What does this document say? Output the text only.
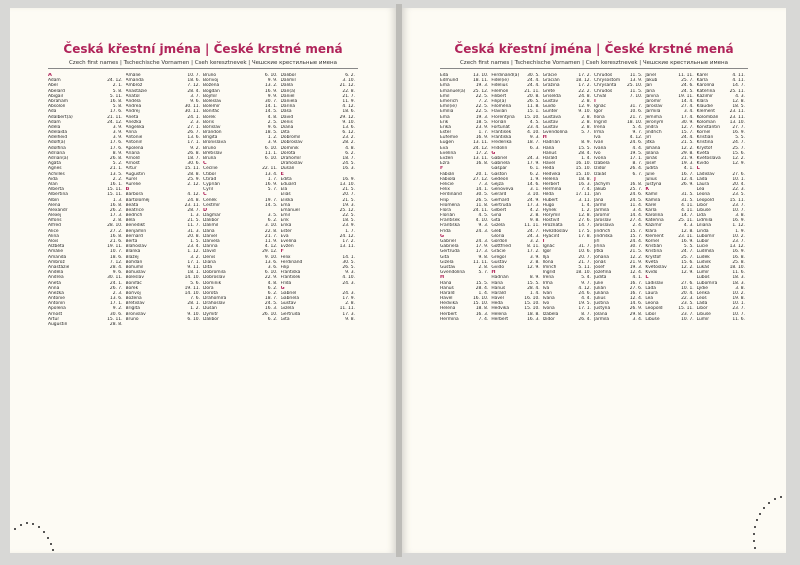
Česká křestní jména | České krstné mená
Czech first names | Tschechische Vornamen | Cseh keresztnevek | Чешские крестильные имена
A
Adam	24. 12.
Ábel	2. 1.
Abelard	5. 8.
Abigail	5. 11.
Abraham	16. 8.
Absolon	5. 8.
Ada	17. 6.
Adalbert(a)	21. 11.
Adam	24. 12.
Adéla	3. 9.
Adelaida	3. 9.
Adelheid	3. 9.
Adolf(a)	17. 6.
Adolfína	17. 6.
Adriana	8. 9.
Adrian(a)	26. 8.
Agáta	5. 2.
Agnes	21. 1.
Achilles	13. 5.
Aida	2. 2.
Alan	16. 1.
Alberta	15. 11.
Albertina	15. 11.
Albín	1. 3.
Alena	16. 8.
Alexandr	26. 2.
Alexej	17. 3.
Alfons	2. 8.
Alfred	28. 10.
Alice	27. 2.
Alina	16. 8.
Alois	21. 6.
Alžběta	19. 11.
Amálie	10. 7.
Amanda	18. 6.
Ambrož	7. 12.
Anastázie	28. 4.
Anděla	9. 6.
Andrea	30. 11.
Aneta	24. 1.
Anna	26. 7.
Anežka	2. 3.
Antonie	13. 6.
Antonín	17. 1.
Apolena	9. 2.
Arnošt	30. 6.
Artur	15. 11.
Augustin	28. 8.
Amálie	10. 7.
Amanda	18. 6.
Ambrož	7. 12.
Anastázie	28. 4.
Anatol	3. 7.
Anděla	9. 6.
Andrea	30. 11.
Andrej	30. 11.
Aneta	24. 1.
Anežka	2. 3.
Angelika	27. 1.
Anna	26. 7.
Antonie	13. 6.
Antonín	17. 1.
Apolena	9. 2.
Ariana	26. 8.
Arnold	18. 7.
Arnošt	30. 6.
Artur	15. 11.
Augustin	28. 8.
Aurel	25. 9.
Aurelie	2. 12.
B
Barbora	4. 12.
Bartoloměj	24. 8.
Beáta	23. 11.
Beatrice	28. 7.
Bedřich	1. 3.
Běla	21. 5.
Benedikt	11. 7.
Benjamín	31. 3.
Bernard	20. 8.
Berta	1. 5.
Blahoslav	23. 4.
Blanka	1. 12.
Blažej	3. 2.
Bohdan	17. 1.
Bohumil	9. 11.
Bohuslav	18. 1.
Boleslav	14. 10.
Bonifác	5. 6.
Bořek	19. 11.
Bořivoj	14. 10.
Božena	7. 6.
Břetislav	28. 1.
Brigita	1. 2.
Bronislav	9. 10.
Bruno	6. 10.
Bruno	6. 10.
Bořivoj	9. 9.
Božena	13. 2.
Bogdan	16. 9.
Bojmír	9. 9.
Boleslav	30. 7.
Bolemír	14. 1.
Bonifác	14. 5.
Borek	4. 8.
Boris	2. 5.
Bořislav	9. 6.
Brandon	18. 5.
Brigita	1. 2.
Bronislava	3. 9.
Bruno	6. 10.
Břetislav	11. 1.
Bruna	6. 10.
C
Cecílie	22. 11.
Ctibor	13. 4.
Ctirad	1. 7.
Cyprián	16. 9.
Cyril	5. 7.
Č
Čeněk	19. 7.
Čestmír	14. 5.
D
Dagmar	3. 5.
Dalibor	6. 2.
Dalimil	3. 10.
Dana	22. 8.
Daniel	21. 7.
Daniela	11. 9.
Darina	4. 12.
David	29. 12.
Denis	9. 10.
Diana	13. 6.
Dita	3. 6.
Dobromila	6. 10.
Dobroslav	22. 9.
Dominik	4. 8.
Dora	6. 2.
Dorota	6. 2.
Drahomíra	18. 7.
Drahoslav	24. 5.
Dušan	16. 3.
Dymitr	26. 10.
Dalibor	6. 2.
Dalibor	6. 2.
Dalimil	3. 10.
Dalila	21. 12.
Dan(a)	22. 8.
Daniel	21. 7.
Daniela	11. 9.
Darina	4. 12.
Dáša	18. 6.
David	29. 12.
Denis	9. 10.
Diana	13. 6.
Dita	6. 12.
Dobromil	23. 2.
Dobroslav	28. 2.
Dominik	4. 8.
Dorota	6. 2.
Drahomír	18. 7.
Drahoslav	24. 5.
Dušan	16. 3.
E
Edita	16. 9.
Eduard	13. 10.
Ela	21. 5.
Eliáš	20. 7.
Eliška	21. 5.
Ema	19. 3.
Emanuel	25. 12.
Emil	22. 5.
Erik	18. 5.
Erika	23. 9.
Ester	1. 7.
Eva	24. 12.
Evelína	17. 2.
Evžen	13. 11.
F
Felix	14. 1.
Ferdinand	30. 5.
Filip	26. 5.
Františka	9. 3.
František	4. 10.
Frída	24. 3.
G
Gabriel	24. 3.
Gabriela	17. 9.
Gustav	2. 8.
Gizela	11. 11.
Gertruda	17. 3.
Gita	9. 8.
Česká křestní jména | České krstné mená
Czech first names | Tschechische Vornamen | Cseh keresztnevek | Чешские крестильные имена
Eda	13. 10.
Edmund	18. 11.
Ema	19. 3.
Emanuel(a) 25. 12.
Emil	22. 5.
Emerich	7. 2.
Emil(ie)	22. 5.
Emília	22. 5.
Ema	19. 3.
Erik	18. 5.
Erika	23. 9.
Ester	1. 7.
Eufemie	16. 9.
Eugen	13. 11.
Eva	24. 12.
Evelína	17. 2.
Evžen	13. 11.
Ezra	16. 8.
F
Fabián	20. 1.
Fabiola	27. 12.
Felicie	7. 3.
Felix	14. 1.
Ferdinand	30. 5.
Filip	26. 5.
Filoména	11. 8.
Flora	24. 11.
Florián	4. 5.
František	4. 10.
Františka	9. 3.
Frída	24. 3.
G
Gabriel	24. 3.
Gabriela	17. 9.
Gertruda	17. 3.
Gita	9. 8.
Gizela	11. 11.
Gustav	2. 8.
Gvendolína	5. 7.
H
Hana	15. 5.
Hanuš	28. 4.
Harald	1. 4.
Havel	16. 10.
Hedvika	15. 10.
Helena	18. 8.
Herbert	16. 3.
Hermína	7. 4.
Ferdinand(a) 30. 5.
Fidel(ie)	24. 4.
Fidelius	24. 4.
Filemon	21. 11.
Filibert	20. 8.
Filip(a)	26. 5.
Filoména	11. 8.
Flavián	15. 1.
Florentýna 15. 10.
Florián	4. 5.
Fortunát	23. 4.
František	4. 10.
Františka	9. 3.
Frederika	18. 7.
Fridolín	6. 3.
G
Gabriel	24. 3.
Gabriela	17. 9.
Gašpar	6. 1.
Gaston	6. 2.
Gedeon	1. 9.
Gejza	14. 6.
Genoveva	3. 1.
Gerard	3. 10.
Gerhard	24. 9.
Gertruda	17. 3.
Gilbert	4. 2.
Gina	2. 8.
Gita	9. 8.
Gizela	11. 11.
Gleb	24. 7.
Gloria	24. 3.
Gordon	3. 2.
Gottfried	8. 11.
Grácie	17. 2.
Gregor	3. 9.
Gustav	2. 8.
Gvido	12. 9.
H
Hadrián	8. 9.
Hana	15. 5.
Hanuš	28. 4.
Harald	1. 4.
Havel	16. 10.
Heda	15. 10.
Hedvika	15. 10.
Helena	18. 8.
Herbert	16. 3.
Grácie	17. 2.
Gracián	18. 12.
Gražina	17. 2.
Grete	22. 2.
Griselda	24. 8.
Gustav	2. 8.
Guido	12. 9.
Gunter	9. 10.
Gustava	2. 8.
Gustav	2. 8.
Gustav	2. 8.
Gvendolína	5. 7.
H
Hadrián	8. 9.
Hana	15. 5.
Hanuš	28. 4.
Harald	1. 4.
Havel	16. 10.
Heda	15. 10.
Hedvika	15. 10.
Helena	18. 8.
Herbert	16. 3.
Hermína	7. 4.
Hilda	17. 11.
Hubert	3. 11.
Hugo	1. 4.
Hynek	1. 2.
Horymír	12. 8.
Hostivít	27. 6.
Hroznata	14. 7.
Hvězdoslav 17. 5.
Hyacint	17. 8.
I
Ignác	31. 7.
Igor	10. 6.
Ilja	20. 7.
Ilona	21. 7.
Imrich	5. 11.
Ingrid	18. 10.
Irena	5. 4.
Irma	9. 7.
Iva	4. 12.
Ivan	24. 6.
Ivana	4. 4.
Ivo	19. 5.
Ivona	17. 1.
Izabela	8. 7.
Izidor	26. 4.
Chrudoš	11. 5.
Chrysostom 13. 9.
Chrysanta 25. 10.
Chrudoš	11. 5.
Chvál	7. 10.
I
Ignác	31. 7.
Igor	10. 6.
Ilona	21. 7.
Ingrid	18. 10.
Irena	5. 4.
Irma	9. 7.
Iva	4. 12.
Ivan	24. 6.
Ivana	4. 4.
Ivo	19. 5.
Ivona	17. 1.
Izabela	8. 7.
Izidor	26. 4.
Izaiáš	6. 7.
J
Jáchym	16. 8.
Jakub	25. 7.
Jan	24. 6.
Jana	24. 5.
Jarmil	11. 4.
Jarmila	3. 4.
Jaromír	14. 4.
Jaroslav	27. 4.
Jaroslava	2. 4.
Jindřich	15. 7.
Jindřiška	15. 7.
Jiří	24. 4.
Jiřina	30. 7.
Jitka	21. 5.
Johana	12. 2.
Jonáš	21. 9.
Josef	19. 3.
Jozefína	12. 4.
Judita	4. 1.
Julie	16. 7.
Julián	27. 6.
Juliána	16. 7.
Julius	12. 4.
Justina	14. 6.
Justýna	26. 9.
Jolana	29. 8.
Jarmila	3. 4.
Janel	11. 11.
Jakub	25. 7.
Jan	24. 6.
Jana	24. 5.
Janina	19. 11.
Jaromír	14. 4.
Jaroslav	27. 4.
Jarmila	3. 4.
Jemima	17. 4.
Jeroným	30. 9.
Jindra	12. 7.
Jindřich	15. 7.
Jiří	24. 4.
Jitka	21. 5.
Johana	12. 2.
Jolana	29. 8.
Jonáš	21. 9.
Josef	19. 3.
Judita	4. 1.
Julie	16. 7.
Julius	12. 4.
Justýna	26. 9.
K
Kamil	31. 5.
Kamila	31. 5.
Karel	4. 11.
Karla	4. 11.
Karolína	14. 7.
Kateřina	25. 11.
Kazimír	4. 3.
Klára	12. 8.
Klement	23. 11.
Kornel	16. 9.
Kristián	5. 5.
Kristina	24. 7.
Kryštof	25. 7.
Květa	15. 6.
Květoslav	12. 2.
Kvido	12. 9.
L
Ladislav	27. 6.
Lada	10. 1.
Laura	20. 4.
Lea	22. 3.
Leona	23. 5.
Leopold	15. 11.
Libor	23. 7.
Libuše	10. 7.
Karel	4. 11.
Karla	4. 11.
Karolína	14. 7.
Kateřina	25. 11.
Kazimír	4. 3.
Klára	12. 8.
Klaudie	18. 5.
Klement	23. 11.
Kolombán	23. 11.
Koloman	13. 10.
Konstantin	27. 7.
Kornel	16. 9.
Kristián	5. 5.
Kristina	24. 7.
Kryštof	25. 7.
Květa	15. 6.
Květoslava	12. 2.
Kvido	12. 9.
L
Ladislav	27. 6.
Lada	10. 1.
Laura	20. 4.
Lea	22. 3.
Leona	23. 5.
Leopold	15. 11.
Libor	23. 7.
Libuše	10. 7.
Lída	3. 8.
Lidmila	16. 9.
Liliana	1. 12.
Linda	1. 9.
Lubomír	10. 2.
Lubor	23. 7.
Lucie	13. 12.
Ludmila	16. 9.
Luděk	16. 8.
Ludvík	25. 8.
Lukáš	18. 10.
Lumír	11. 6.
Luboš	18. 3.
Lubomíra	18. 3.
Lýdie	3. 8.
Lenka	10. 2.
Leoš	19. 8.
Lada	10. 1.
Libor	23. 7.
Libuše	10. 7.
Lumír	11. 6.
